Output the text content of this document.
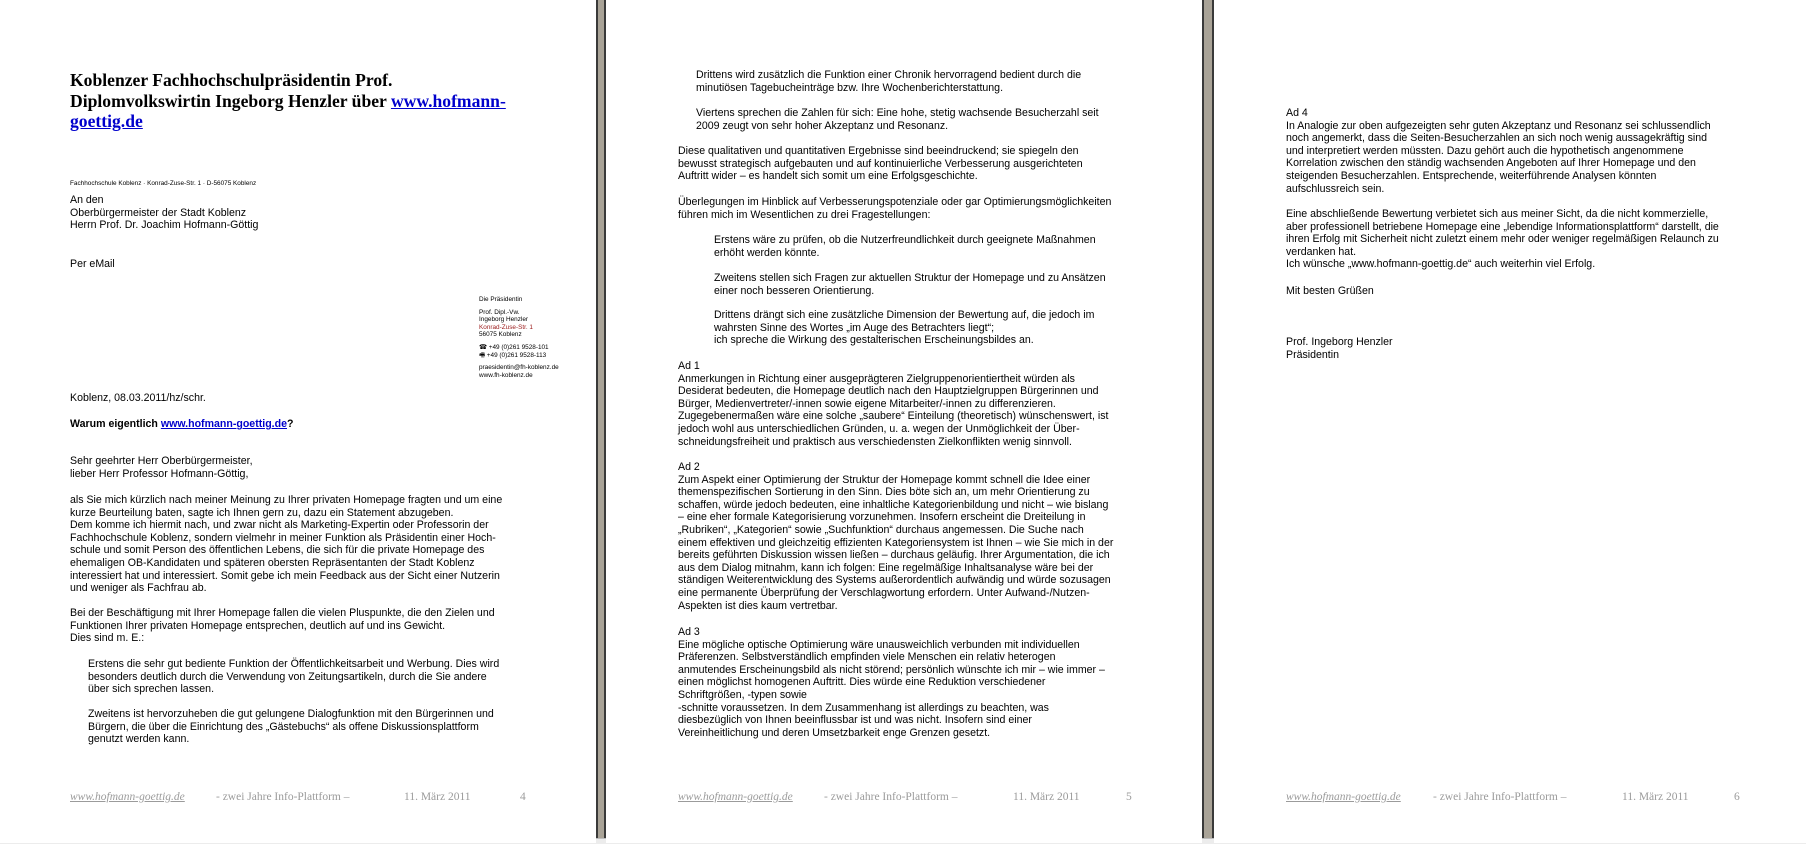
Koblenzer Fachhochschulpräsidentin Prof.
Diplomvolkswirtin Ingeborg Henzler über www.hofmann-
goettig.de
Fachhochschule Koblenz · Konrad-Zuse-Str. 1 · D-56075 Koblenz

An den

Oberbürgermeister der Stadt Koblenz

Herrn Prof. Dr. Joachim Hofmann-Göttig

Per eMail
Die Präsidentin
Prof. Dipl.-Vw.
Ingeborg Henzler
Konrad-Zuse-Str. 1
56075 Koblenz
☎ +49 (0)261 9528-101
🖷 +49 (0)261 9528-113
praesidentin@fh-koblenz.de
www.fh-koblenz.de
Koblenz, 08.03.2011/hz/schr.
Warum eigentlich www.hofmann-goettig.de?

Sehr geehrter Herr Oberbürgermeister,

lieber Herr Professor Hofmann-Göttig,

als Sie mich kürzlich nach meiner Meinung zu Ihrer privaten Homepage fragten und um eine

kurze Beurteilung baten, sagte ich Ihnen gern zu, dazu ein Statement abzugeben.

Dem komme ich hiermit nach, und zwar nicht als Marketing-Expertin oder Professorin der

Fachhochschule Koblenz, sondern vielmehr in meiner Funktion als Präsidentin einer Hoch-

schule und somit Person des öffentlichen Lebens, die sich für die private Homepage des

ehemaligen OB-Kandidaten und späteren obersten Repräsentanten der Stadt Koblenz

interessiert hat und interessiert. Somit gebe ich mein Feedback aus der Sicht einer Nutzerin

und weniger als Fachfrau ab.

Bei der Beschäftigung mit Ihrer Homepage fallen die vielen Pluspunkte, die den Zielen und

Funktionen Ihrer privaten Homepage entsprechen, deutlich auf und ins Gewicht.

Dies sind m. E.:

Erstens die sehr gut bediente Funktion der Öffentlichkeitsarbeit und Werbung. Dies wird

besonders deutlich durch die Verwendung von Zeitungsartikeln, durch die Sie andere

über sich sprechen lassen.

Zweitens ist hervorzuheben die gut gelungene Dialogfunktion mit den Bürgerinnen und

Bürgern, die über die Einrichtung des „Gästebuchs“ als offene Diskussionsplattform

genutzt werden kann.

www.hofmann-goettig.de	- zwei Jahre Info-Plattform –	11. März 2011	4

Drittens wird zusätzlich die Funktion einer Chronik hervorragend bedient durch die

minutiösen Tagebucheinträge bzw. Ihre Wochenberichterstattung.

Viertens sprechen die Zahlen für sich: Eine hohe, stetig wachsende Besucherzahl seit

2009 zeugt von sehr hoher Akzeptanz und Resonanz.

Diese qualitativen und quantitativen Ergebnisse sind beeindruckend; sie spiegeln den

bewusst strategisch aufgebauten und auf kontinuierliche Verbesserung ausgerichteten

Auftritt wider – es handelt sich somit um eine Erfolgsgeschichte.

Überlegungen im Hinblick auf Verbesserungspotenziale oder gar Optimierungsmöglichkeiten

führen mich im Wesentlichen zu drei Fragestellungen:

Erstens wäre zu prüfen, ob die Nutzerfreundlichkeit durch geeignete Maßnahmen

erhöht werden könnte.

Zweitens stellen sich Fragen zur aktuellen Struktur der Homepage und zu Ansätzen

einer noch besseren Orientierung.

Drittens drängt sich eine zusätzliche Dimension der Bewertung auf, die jedoch im

wahrsten Sinne des Wortes „im Auge des Betrachters liegt“;

ich spreche die Wirkung des gestalterischen Erscheinungsbildes an.

Ad 1

Anmerkungen in Richtung einer ausgeprägteren Zielgruppenorientiertheit würden als

Desiderat bedeuten, die Homepage deutlich nach den Hauptzielgruppen Bürgerinnen und

Bürger, Medienvertreter/-innen sowie eigene Mitarbeiter/-innen zu differenzieren.

Zugegebenermaßen wäre eine solche „saubere“ Einteilung (theoretisch) wünschenswert, ist

jedoch wohl aus unterschiedlichen Gründen, u. a. wegen der Unmöglichkeit der Über-

schneidungsfreiheit und praktisch aus verschiedensten Zielkonflikten wenig sinnvoll.

Ad 2

Zum Aspekt einer Optimierung der Struktur der Homepage kommt schnell die Idee einer

themenspezifischen Sortierung in den Sinn. Dies böte sich an, um mehr Orientierung zu

schaffen, würde jedoch bedeuten, eine inhaltliche Kategorienbildung und nicht – wie bislang

– eine eher formale Kategorisierung vorzunehmen. Insofern erscheint die Dreiteilung in

„Rubriken“, „Kategorien“ sowie „Suchfunktion“ durchaus angemessen. Die Suche nach

einem effektiven und gleichzeitig effizienten Kategoriensystem ist Ihnen – wie Sie mich in der

bereits geführten Diskussion wissen ließen – durchaus geläufig. Ihrer Argumentation, die ich

aus dem Dialog mitnahm, kann ich folgen: Eine regelmäßige Inhaltsanalyse wäre bei der

ständigen Weiterentwicklung des Systems außerordentlich aufwändig und würde sozusagen

eine permanente Überprüfung der Verschlagwortung erfordern. Unter Aufwand-/Nutzen-

Aspekten ist dies kaum vertretbar.

Ad 3

Eine mögliche optische Optimierung wäre unausweichlich verbunden mit individuellen

Präferenzen. Selbstverständlich empfinden viele Menschen ein relativ heterogen

anmutendes Erscheinungsbild als nicht störend; persönlich wünschte ich mir – wie immer –

einen möglichst homogenen Auftritt. Dies würde eine Reduktion verschiedener

Schriftgrößen, -typen sowie

-schnitte voraussetzen. In dem Zusammenhang ist allerdings zu beachten, was

diesbezüglich von Ihnen beeinflussbar ist und was nicht. Insofern sind einer

Vereinheitlichung und deren Umsetzbarkeit enge Grenzen gesetzt.

www.hofmann-goettig.de	- zwei Jahre Info-Plattform –	11. März 2011	5

Ad 4

In Analogie zur oben aufgezeigten sehr guten Akzeptanz und Resonanz sei schlussendlich

noch angemerkt, dass die Seiten-Besucherzahlen an sich noch wenig aussagekräftig sind

und interpretiert werden müssten. Dazu gehört auch die hypothetisch angenommene

Korrelation zwischen den ständig wachsenden Angeboten auf Ihrer Homepage und den

steigenden Besucherzahlen. Entsprechende, weiterführende Analysen könnten

aufschlussreich sein.

Eine abschließende Bewertung verbietet sich aus meiner Sicht, da die nicht kommerzielle,

aber professionell betriebene Homepage eine „lebendige Informationsplattform“ darstellt, die

ihren Erfolg mit Sicherheit nicht zuletzt einem mehr oder weniger regelmäßigen Relaunch zu

verdanken hat.

Ich wünsche „www.hofmann-goettig.de“ auch weiterhin viel Erfolg.

Mit besten Grüßen

Prof. Ingeborg Henzler

Präsidentin

www.hofmann-goettig.de	- zwei Jahre Info-Plattform –	11. März 2011	6
